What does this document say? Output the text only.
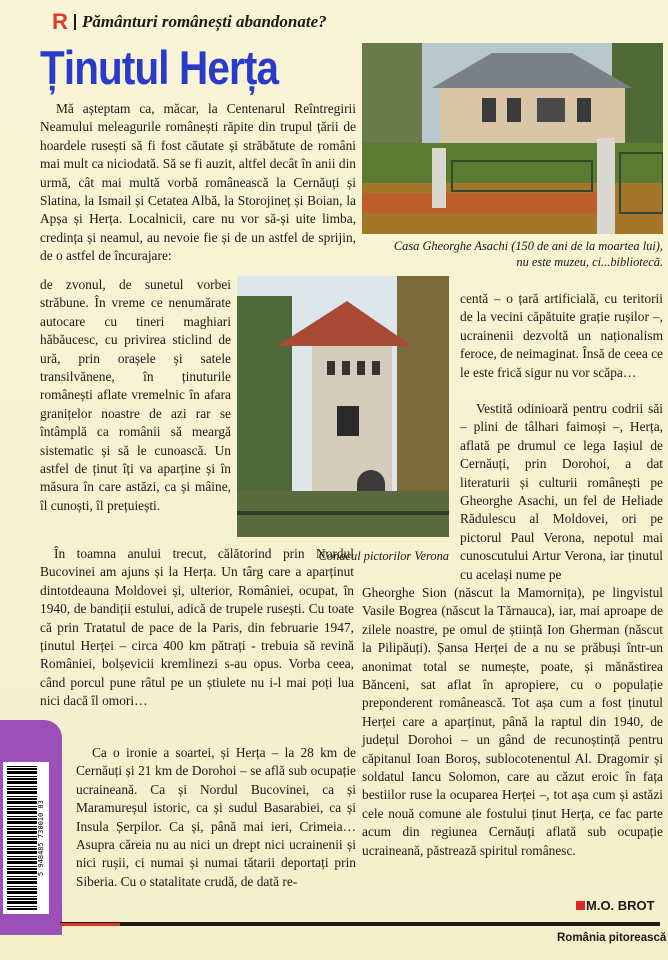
R Pământuri românești abandonate?
Ținutul Herța
Casa Gheorghe Asachi (150 de ani de la moartea lui),
nu este muzeu, ci...bibliotecă.
Conacul pictorilor Verona

Mă așteptam ca, măcar, la Centenarul Reîntregirii Neamului meleagurile românești răpite din trupul țării de hoardele rusești să fi fost căutate și străbătute de români mai mult ca niciodată. Să se fi auzit, altfel decât în anii din urmă, cât mai multă vorbă românească la Cernăuți și Slatina, la Ismail și Cetatea Albă, la Storojineț și Boian, la Apșa și Herța. Localnicii, care nu vor să-și uite limba, credința și neamul, au nevoie fie și de un astfel de sprijin, de o astfel de încurajare:

de zvonul, de sunetul vorbei străbune. În vreme ce nenumărate autocare cu tineri maghiari hăbăucesc, cu privirea sticlind de ură, prin orașele și satele transilvănene, în ținuturile românești aflate vremelnic în afara granițelor noastre de azi rar se întâmplă ca românii să meargă sistematic și să le cunoască. Un astfel de ținut îți va aparține și în măsura în care astăzi, ca și mâine, îl cunoști, îl prețuiești.

În toamna anului trecut, călătorind prin Nordul Bucovinei am ajuns și la Herța. Un târg care a aparținut dintotdeauna Moldovei și, ulterior, României, ocupat, în 1940, de bandiții estului, adică de trupele rusești. Cu toate că prin Tratatul de pace de la Paris, din februarie 1947, ținutul Herței – circa 400 km pătrați - trebuia să revină României, bolșevicii kremlinezi s-au opus. Vorba ceea, când porcul pune râtul pe un știulete nu i-l mai poți lua nici dacă îl omori…

Ca o ironie a soartei, și Herța – la 28 km de Cernăuți și 21 km de Dorohoi – se află sub ocupație ucraineană. Ca și Nordul Bucovinei, ca și Maramureșul istoric, ca și sudul Basarabiei, ca și Insula Șerpilor. Ca și, până mai ieri, Crimeia… Asupra căreia nu au nici un drept nici ucrainenii și nici rușii, ci numai și numai tătarii deportați prin Siberia. Cu o statalitate crudă, de dată re-

centă – o țară artificială, cu teritorii de la vecini căpătuite grație rușilor –, ucrainenii dezvoltă un naționalism feroce, de neimaginat. Însă de ceea ce le este frică sigur nu vor scăpa…

Vestită odinioară pentru codrii săi – plini de tâlhari faimoși –, Herța, aflată pe drumul ce lega Iașiul de Cernăuți, prin Dorohoi, a dat literaturii și culturii românești pe Gheorghe Asachi, un fel de Heliade Rădulescu al Moldovei, ori pe pictorul Paul Verona, nepotul mai cunoscutului Artur Verona, iar ținutul cu același nume pe

Gheorghe Sion (născut la Mamornița), pe lingvistul Vasile Bogrea (născut la Tărnauca), iar, mai aproape de zilele noastre, pe omul de știință Ion Gherman (născut la Pilipăuți). Șansa Herței de a nu se prăbuși într-un anonimat total se numește, poate, și mănăstirea Bănceni, sat aflat în apropiere, cu o populație preponderent românească. Tot așa cum a fost ținutul Herței care a aparținut, până la raptul din 1940, de județul Dorohoi – un gând de recunoștință pentru căpitanul Ioan Boroș, sublocotenentul Al. Dragomir și soldatul Iancu Solomon, care au căzut eroic în fața bestiilor ruse la ocuparea Herței –, tot așa cum și astăzi cele nouă comune ale fostului ținut Herța, ce fac parte acum din regiunea Cernăuți aflată sub ocupație ucraineană, păstrează spiritul românesc.

5 948485 730010 03
M.O. BROT
România pitorească
